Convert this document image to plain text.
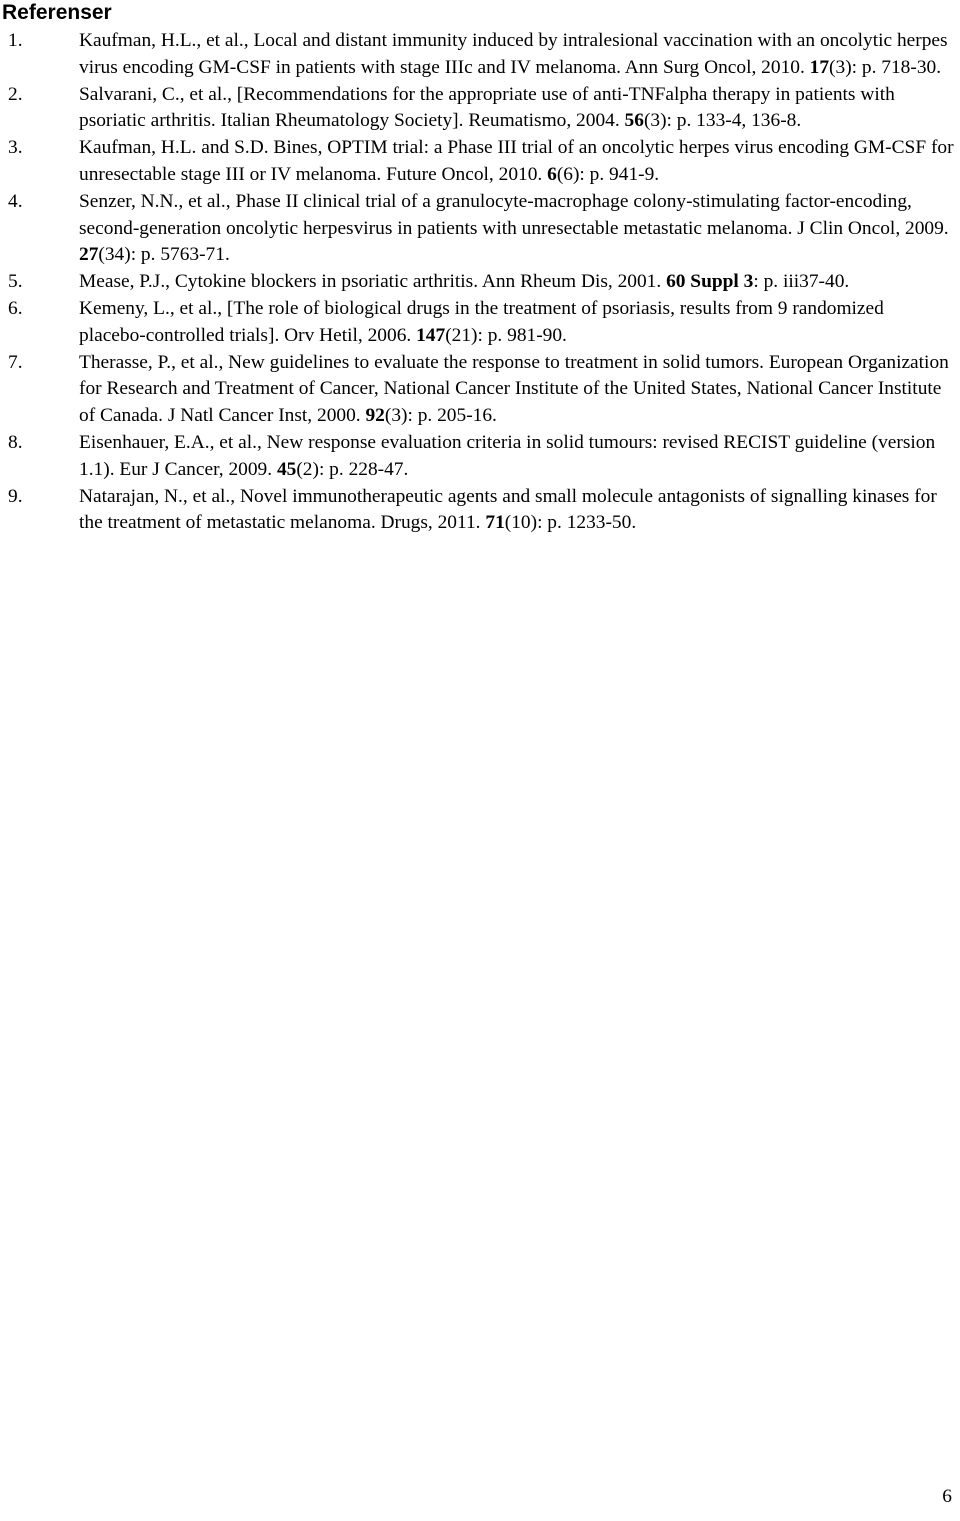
Referenser
1.	Kaufman, H.L., et al., Local and distant immunity induced by intralesional vaccination with an oncolytic herpes virus encoding GM-CSF in patients with stage IIIc and IV melanoma. Ann Surg Oncol, 2010. 17(3): p. 718-30.
2.	Salvarani, C., et al., [Recommendations for the appropriate use of anti-TNFalpha therapy in patients with psoriatic arthritis. Italian Rheumatology Society]. Reumatismo, 2004. 56(3): p. 133-4, 136-8.
3.	Kaufman, H.L. and S.D. Bines, OPTIM trial: a Phase III trial of an oncolytic herpes virus encoding GM-CSF for unresectable stage III or IV melanoma. Future Oncol, 2010. 6(6): p. 941-9.
4.	Senzer, N.N., et al., Phase II clinical trial of a granulocyte-macrophage colony-stimulating factor-encoding, second-generation oncolytic herpesvirus in patients with unresectable metastatic melanoma. J Clin Oncol, 2009. 27(34): p. 5763-71.
5.	Mease, P.J., Cytokine blockers in psoriatic arthritis. Ann Rheum Dis, 2001. 60 Suppl 3: p. iii37-40.
6.	Kemeny, L., et al., [The role of biological drugs in the treatment of psoriasis, results from 9 randomized placebo-controlled trials]. Orv Hetil, 2006. 147(21): p. 981-90.
7.	Therasse, P., et al., New guidelines to evaluate the response to treatment in solid tumors. European Organization for Research and Treatment of Cancer, National Cancer Institute of the United States, National Cancer Institute of Canada. J Natl Cancer Inst, 2000. 92(3): p. 205-16.
8.	Eisenhauer, E.A., et al., New response evaluation criteria in solid tumours: revised RECIST guideline (version 1.1). Eur J Cancer, 2009. 45(2): p. 228-47.
9.	Natarajan, N., et al., Novel immunotherapeutic agents and small molecule antagonists of signalling kinases for the treatment of metastatic melanoma. Drugs, 2011. 71(10): p. 1233-50.
6
